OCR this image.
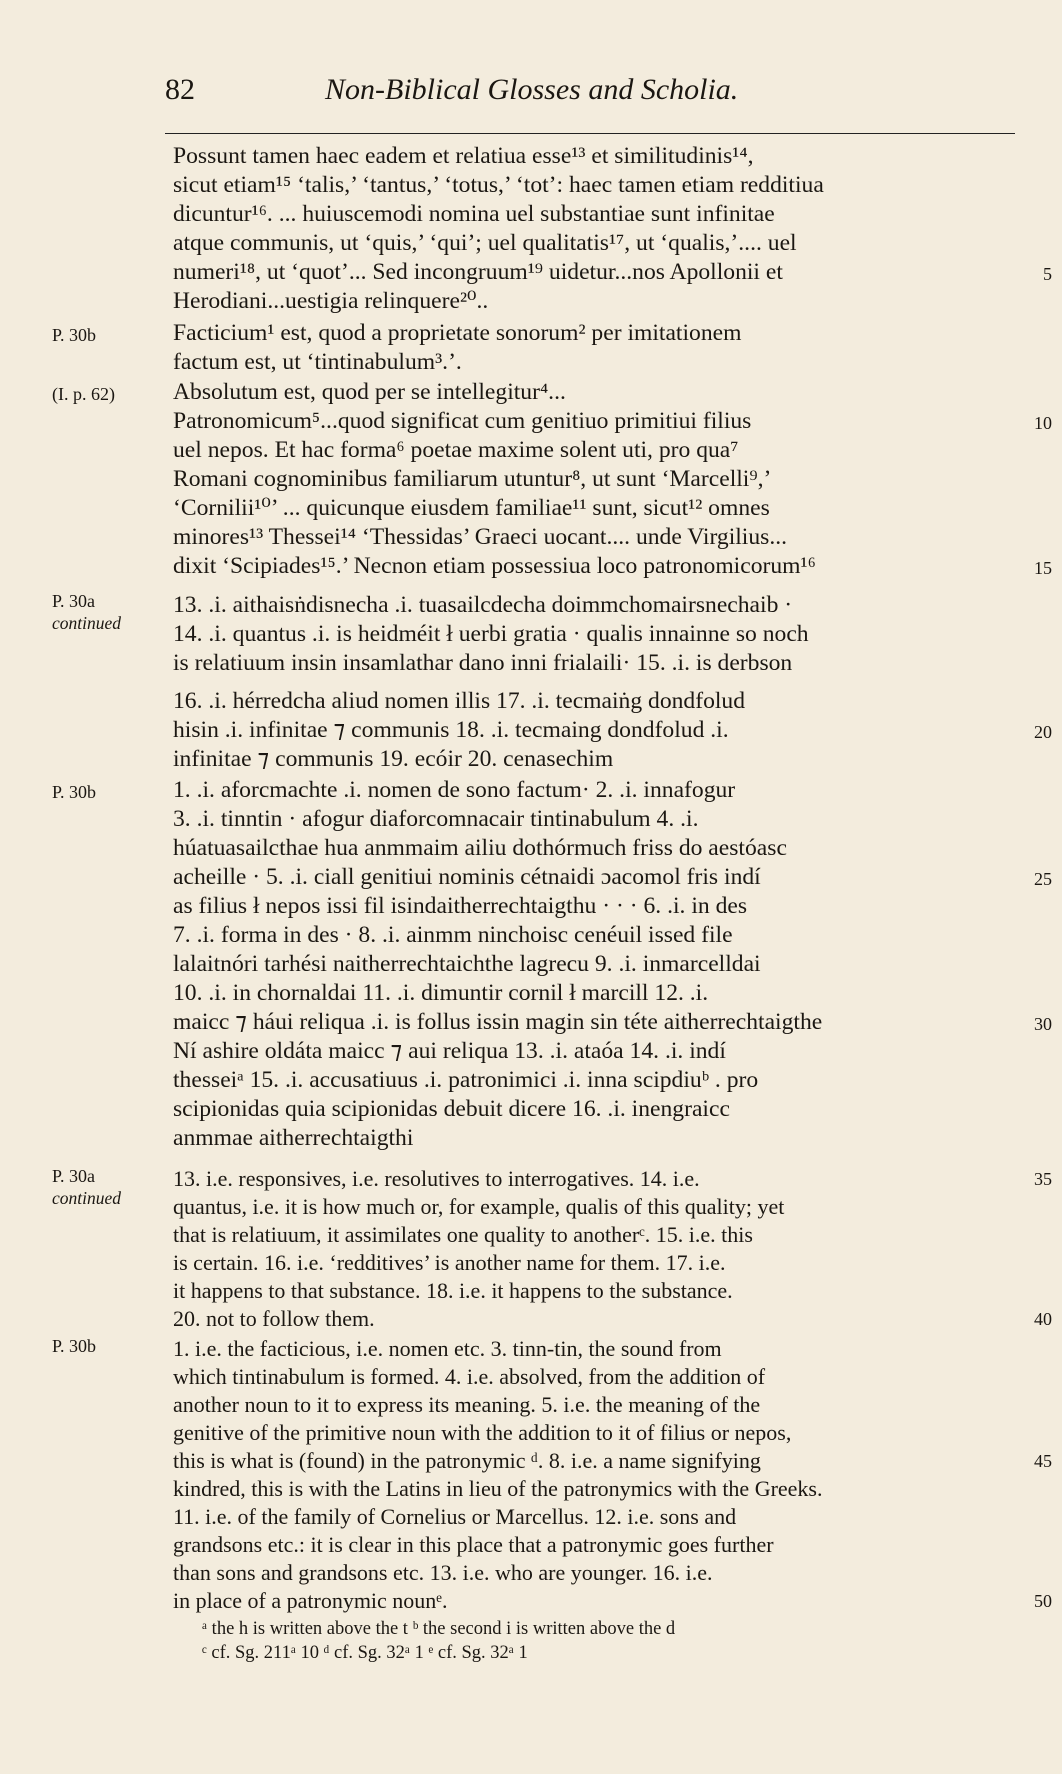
82	Non-Biblical Glosses and Scholia.
Possunt tamen haec eadem et relatiua esse¹³ et similitudinis¹⁴,
sicut etiam¹⁵ ‘talis,’ ‘tantus,’ ‘totus,’ ‘tot’: haec tamen etiam redditiua
dicuntur¹⁶. ... huiuscemodi nomina uel substantiae sunt infinitae
atque communis, ut ‘quis,’ ‘qui’; uel qualitatis¹⁷, ut ‘qualis,’.... uel
numeri¹⁸, ut ‘quot’... Sed incongruum¹⁹ uidetur...nos Apollonii et
Herodiani...uestigia relinquere²⁰..
Facticium¹ est, quod a proprietate sonorum² per imitationem
factum est, ut ‘tintinabulum³.’.
Absolutum est, quod per se intellegitur⁴...
Patronomicum⁵...quod significat cum genitiuo primitiui filius
uel nepos. Et hac forma⁶ poetae maxime solent uti, pro qua⁷
Romani cognominibus familiarum utuntur⁸, ut sunt ‘Marcelli⁹,’
‘Cornilii¹⁰’ ... quicunque eiusdem familiae¹¹ sunt, sicut¹² omnes
minores¹³ Thessei¹⁴ ‘Thessidas’ Graeci uocant.... unde Virgilius...
dixit ‘Scipiades¹⁵.’ Necnon etiam possessiua loco patronomicorum¹⁶
13. .i. aithaisṅdisnecha .i. tuasailcdecha doimmchomairsnechaib ·
14. .i. quantus .i. is heidméit ł uerbi gratia · qualis innainne so noch
is relatiuum insin insamlathar dano inni frialaili· 15. .i. is derbson
16. .i. hérredcha aliud nomen illis 17. .i. tecmaiṅg dondfolud
hisin .i. infinitae ⁊ communis 18. .i. tecmaing dondfolud .i.
infinitae ⁊ communis 19. ecóir 20. cenasechim
1. .i. aforcmachte .i. nomen de sono factum· 2. .i. innafogur
3. .i. tinntin · afogur diaforcomnacair tintinabulum 4. .i.
húatuasailcthae hua anmmaim ailiu dothórmuch friss do aestóasc
acheille · 5. .i. ciall genitiui nominis cétnaidi ɔacomol fris indí
as filius ł nepos issi fil isindaitherrechtaigthu · · · 6. .i. in des
7. .i. forma in des · 8. .i. ainmm ninchoisc cenéuil issed file
lalaitnóri tarhési naitherrechtaichthe lagrecu 9. .i. inmarcelldai
10. .i. in chornaldai 11. .i. dimuntir cornil ł marcill 12. .i.
maicc ⁊ háui reliqua .i. is follus issin magin sin téte aitherrechtaigthe
Ní ashire oldáta maicc ⁊ aui reliqua 13. .i. ataóa 14. .i. indí
thesseiᵃ 15. .i. accusatiuus .i. patronimici .i. inna scipdiuᵇ . pro
scipionidas quia scipionidas debuit dicere 16. .i. inengraicc
anmmae aitherrechtaigthi
13. i.e. responsives, i.e. resolutives to interrogatives. 14. i.e.
quantus, i.e. it is how much or, for example, qualis of this quality; yet
that is relatiuum, it assimilates one quality to anotherᶜ. 15. i.e. this
is certain. 16. i.e. ‘redditives’ is another name for them. 17. i.e.
it happens to that substance. 18. i.e. it happens to the substance.
20. not to follow them.
1. i.e. the facticious, i.e. nomen etc. 3. tinn-tin, the sound from
which tintinabulum is formed. 4. i.e. absolved, from the addition of
another noun to it to express its meaning. 5. i.e. the meaning of the
genitive of the primitive noun with the addition to it of filius or nepos,
this is what is (found) in the patronymic ᵈ. 8. i.e. a name signifying
kindred, this is with the Latins in lieu of the patronymics with the Greeks.
11. i.e. of the family of Cornelius or Marcellus. 12. i.e. sons and
grandsons etc.: it is clear in this place that a patronymic goes further
than sons and grandsons etc. 13. i.e. who are younger. 16. i.e.
in place of a patronymic nounᵉ.
ᵃ the h is written above the t ᵇ the second i is written above the d
ᶜ cf. Sg. 211ᵃ 10 ᵈ cf. Sg. 32ᵃ 1 ᵉ cf. Sg. 32ᵃ 1
P. 30b
(I. p. 62)
P. 30a
continued
P. 30b
P. 30a
continued
P. 30b
5
10
15
20
25
30
35
40
45
50
